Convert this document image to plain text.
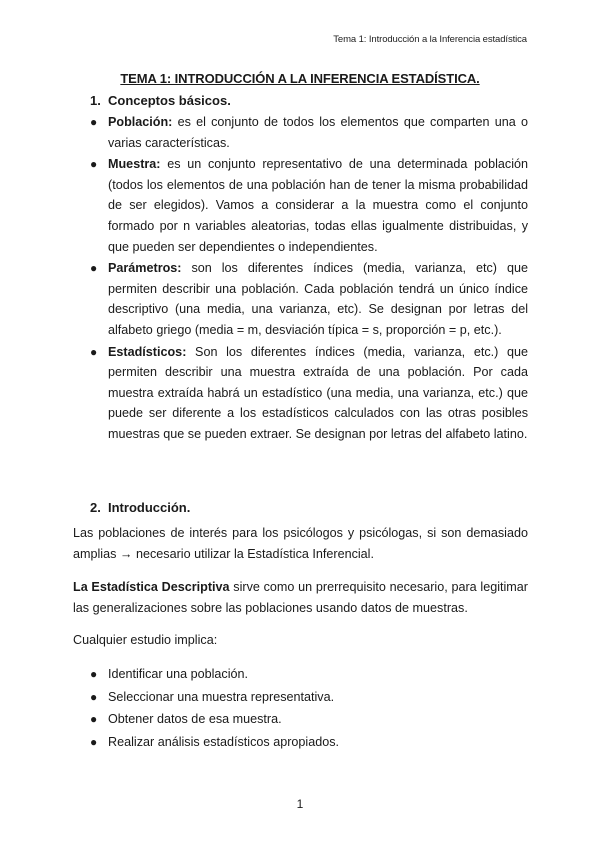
Tema 1: Introducción a la Inferencia estadística
TEMA 1: INTRODUCCIÓN A LA INFERENCIA ESTADÍSTICA.
1. Conceptos básicos.
● Población: es el conjunto de todos los elementos que comparten una o varias características.
● Muestra: es un conjunto representativo de una determinada población (todos los elementos de una población han de tener la misma probabilidad de ser elegidos). Vamos a considerar a la muestra como el conjunto formado por n variables aleatorias, todas ellas igualmente distribuidas, y que pueden ser dependientes o independientes.
● Parámetros: son los diferentes índices (media, varianza, etc) que permiten describir una población. Cada población tendrá un único índice descriptivo (una media, una varianza, etc). Se designan por letras del alfabeto griego (media = m, desviación típica = s, proporción = p, etc.).
● Estadísticos: Son los diferentes índices (media, varianza, etc.) que permiten describir una muestra extraída de una población. Por cada muestra extraída habrá un estadístico (una media, una varianza, etc.) que puede ser diferente a los estadísticos calculados con las otras posibles muestras que se pueden extraer. Se designan por letras del alfabeto latino.
2. Introducción.
Las poblaciones de interés para los psicólogos y psicólogas, si son demasiado amplias → necesario utilizar la Estadística Inferencial.
La Estadística Descriptiva sirve como un prerrequisito necesario, para legitimar las generalizaciones sobre las poblaciones usando datos de muestras.
Cualquier estudio implica:
● Identificar una población.
● Seleccionar una muestra representativa.
● Obtener datos de esa muestra.
● Realizar análisis estadísticos apropiados.
1
